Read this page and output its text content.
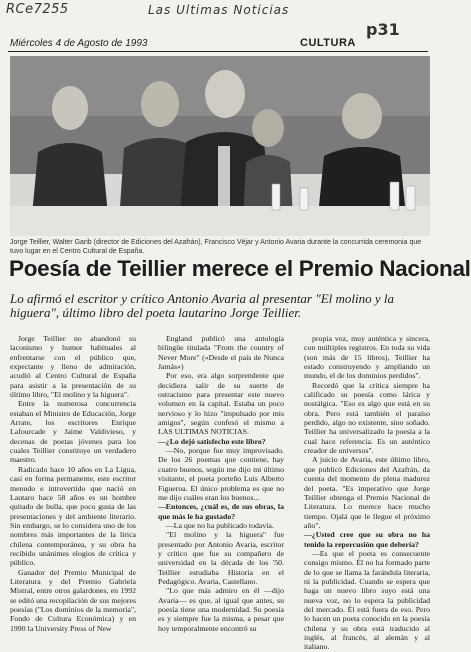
RCe7255	Las Ultimas Noticias
p31
Miércoles 4 de Agosto de 1993	CULTURA
Jorge Teillier, Walter Garib (director de Ediciones del Azafrán), Francisco Véjar y Antonio Avaria durante la concurrida ceremonia que tuvo lugar en el Centro Cultural de España.
Poesía de Teillier merece el Premio Nacional
Lo afirmó el escritor y crítico Antonio Avaria al presentar "El molino y la higuera", último libro del poeta lautarino Jorge Teillier.

Jorge Teillier no abandonó su laconismo y humor habituales al enfrentarse con el público que, expectante y lleno de admiración, acudió al Centro Cultural de España para asistir a la presentación de su último libro, "El molino y la higuera".

Entre la numerosa concurrencia estaban el Ministro de Educación, Jorge Arrate, los escritores Enrique Lafourcade y Jaime Valdivieso, y decenas de poetas jóvenes para los cuales Teillier constituye un verdadero maestro.

Radicado hace 10 años en La Ligua, casi en forma permanente, este escritor menudo e introvertido que nació en Lautaro hace 58 años es un hombre quitado de bulla, que poco gusta de las presentaciones y del ambiente literario. Sin embargo, se lo considera uno de los nombres más importantes de la lírica chilena contemporánea, y su obra ha recibido unánimes elogios de crítica y público.

Ganador del Premio Municipal de Literatura y del Premio Gabriela Mistral, entre otros galardones, en 1992 se editó una recopilación de sus mejores poesías ("Los dominios de la memoria", Fondo de Cultura Económica) y en 1990 la University Press of New

England publicó una antología bilingüe titulada "From the country of Never More" («Desde el país de Nunca Jamás»)

Por eso, era algo sorprendente que decidiera salir de su suerte de ostracismo para presentar este nuevo volumen en la capital. Estaba un poco nervioso y lo hizo "impulsado por mis amigos", según confesó el mismo a LAS ULTIMAS NOTICIAS.

—¿Lo dejó satisfecho este libro?

—No, porque fue muy improvisado. De los 26 poemas que contiene, hay cuatro buenos, según me dijo mi último visitante, el poeta porteño Luis Alberto Figueroa. El único problema es que no me dijo cuáles eran los buenos...

—Entonces, ¿cuál es, de sus obras, la que más le ha gustado?

—La que no ha publicado todavía.

"El molino y la higuera" fue presentado por Antonio Avaria, escritor y crítico que fue su compañero de universidad en la década de los '50. Teillier estudiaba Historia en el Pedagógico. Avaria, Castellano.

"Lo que más admiro en él —dijo Avaria— es que, al igual que antes, su poesía tiene una modernidad. Su poesía es y siempre fue la misma, a pesar que hoy temporalmente encontró su

propia voz, muy auténtica y sincera, con múltiples registros. En toda su vida (son más de 15 libros), Teillier ha estado construyendo y ampliando un mundo, el de los dominios perdidos".

Recordó que la crítica siempre ha calificado su poesía como lárica y nostálgica. "Eso es algo que está en su obra. Pero está también el paraíso perdido, algo no existente, sino soñado. Teillier ha universalizado la poesía a la cual hace referencia. Es un auténtico creador de universos".

A juicio de Avaria, este último libro, que publicó Ediciones del Azafrán, da cuenta del momento de plena madurez del poeta. "Es imperativo que Jorge Teillier obtenga el Premio Nacional de Literatura. Lo merece hace mucho tiempo. Ojalá que le llegue el próximo año".

—¿Usted cree que su obra no ha tenido la repercusión que debería?

—Es que el poeta es consecuente consigo mismo. Él no ha formado parte de lo que se llama la farándula literaria, ni la publicidad. Cuando se espera que haga un nuevo libro suyo está una nueva voz, no lo espera la publicidad del mercado. Él está fuera de eso. Pero lo hacen un poeta conocido en la poesía chilena y su obra está traducido al inglés, al francés, al alemán y al italiano.
